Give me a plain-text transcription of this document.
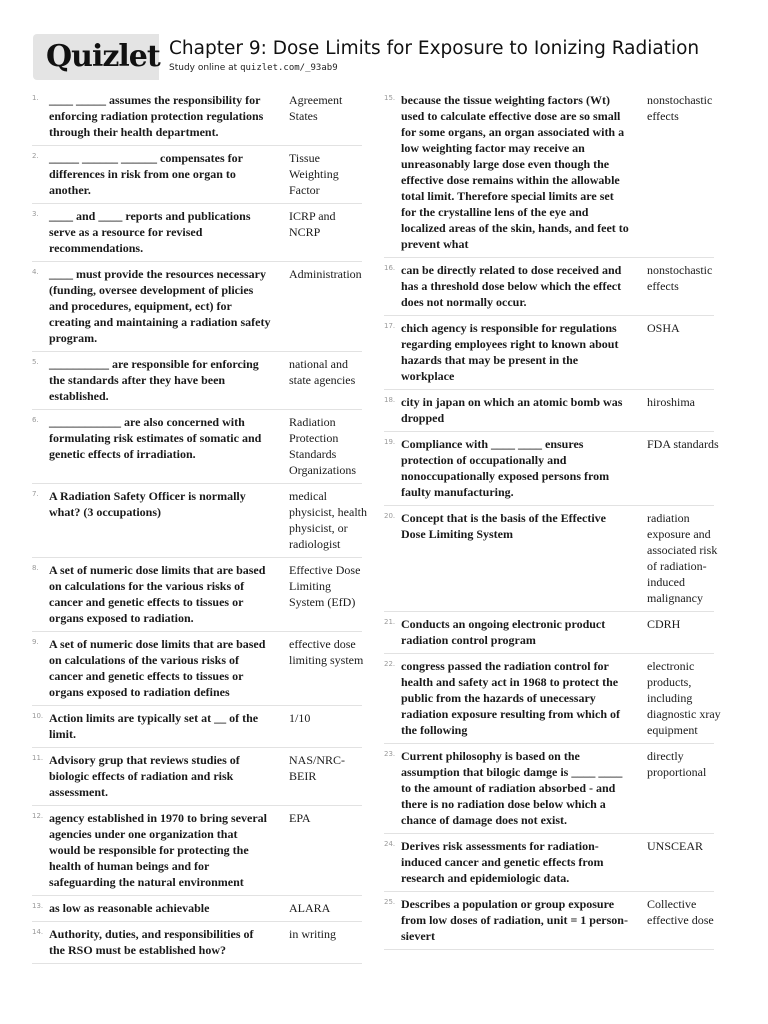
Quizlet Chapter 9: Dose Limits for Exposure to Ionizing Radiation
Study online at quizlet.com/_93ab9
1. ____ _____ assumes the responsibility for enforcing radiation protection regulations through their health department.
Agreement States
2. _____ ______ ______ compensates for differences in risk from one organ to another.
Tissue Weighting Factor
3. ____ and ____ reports and publications serve as a resource for revised recommendations.
ICRP and NCRP
4. ____ must provide the resources necessary (funding, oversee development of plicies and procedures, equipment, ect) for creating and maintaining a radiation safety program.
Administration
5. __________ are responsible for enforcing the standards after they have been established.
national and state agencies
6. ____________ are also concerned with formulating risk estimates of somatic and genetic effects of irradiation.
Radiation Protection Standards Organizations
7. A Radiation Safety Officer is normally what? (3 occupations)
medical physicist, health physicist, or radiologist
8. A set of numeric dose limits that are based on calculations for the various risks of cancer and genetic effects to tissues or organs exposed to radiation.
Effective Dose Limiting System (EfD)
9. A set of numeric dose limits that are based on calculations of the various risks of cancer and genetic effects to tissues or organs exposed to radiation defines
effective dose limiting system
10. Action limits are typically set at __ of the limit.
1/10
11. Advisory grup that reviews studies of biologic effects of radiation and risk assessment.
NAS/NRC-BEIR
12. agency established in 1970 to bring several agencies under one organization that would be responsible for protecting the health of human beings and for safeguarding the natural environment
EPA
13. as low as reasonable achievable	ALARA
14. Authority, duties, and responsibilities of the RSO must be established how?
in writing
15. because the tissue weighting factors (Wt) used to calculate effective dose are so small for some organs, an organ associated with a low weighting factor may receive an unreasonably large dose even though the effective dose remains within the allowable total limit. Therefore special limits are set for the crystalline lens of the eye and localized areas of the skin, hands, and feet to prevent what
nonstochastic effects
16. can be directly related to dose received and has a threshold dose below which the effect does not normally occur.
nonstochastic effects
17. chich agency is responsible for regulations regarding employees right to known about hazards that may be present in the workplace
OSHA
18. city in japan on which an atomic bomb was dropped
hiroshima
19. Compliance with ____ ____ ensures protection of occupationally and nonoccupationally exposed persons from faulty manufacturing.
FDA standards
20. Concept that is the basis of the Effective Dose Limiting System
radiation exposure and associated risk of radiation-induced malignancy
21. Conducts an ongoing electronic product radiation control program
CDRH
22. congress passed the radiation control for health and safety act in 1968 to protect the public from the hazards of unecessary radiation exposure resulting from which of the following
electronic products, including diagnostic xray equipment
23. Current philosophy is based on the assumption that bilogic damge is ____ ____ to the amount of radiation absorbed - and there is no radiation dose below which a chance of damage does not exist.
directly proportional
24. Derives risk assessments for radiation-induced cancer and genetic effects from research and epidemiologic data.
UNSCEAR
25. Describes a population or group exposure from low doses of radiation, unit = 1 person-sievert
Collective effective dose
